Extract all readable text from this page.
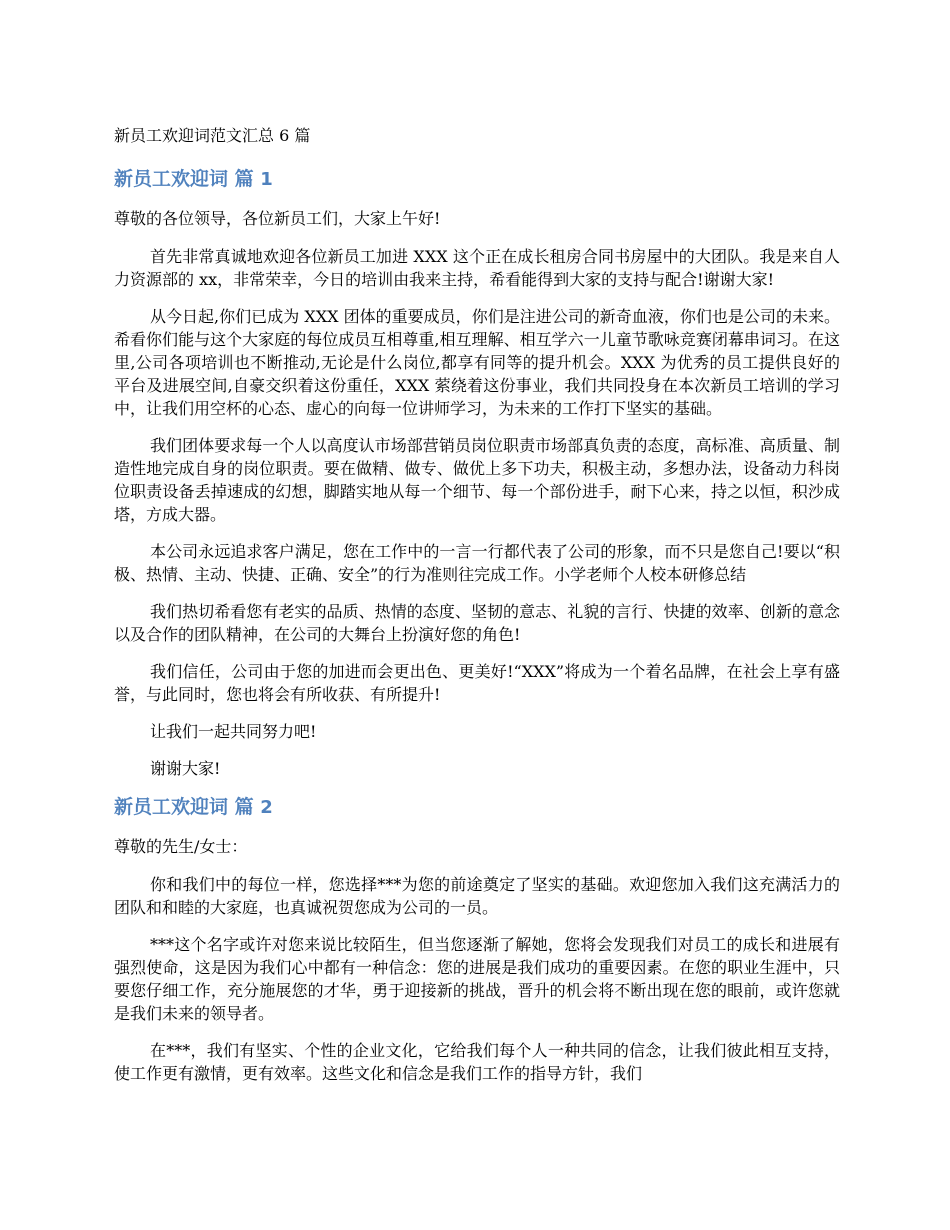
新员工欢迎词范文汇总 6 篇
新员工欢迎词 篇 1
尊敬的各位领导，各位新员工们，大家上午好!

首先非常真诚地欢迎各位新员工加进 XXX 这个正在成长租房合同书房屋中的大团队。我是来自人力资源部的 xx，非常荣幸，今日的培训由我来主持，希看能得到大家的支持与配合!谢谢大家!

从今日起,你们已成为 XXX 团体的重要成员，你们是注进公司的新奇血液，你们也是公司的未来。希看你们能与这个大家庭的每位成员互相尊重,相互理解、相互学六一儿童节歌咏竞赛闭幕串词习。在这里,公司各项培训也不断推动,无论是什么岗位,都享有同等的提升机会。XXX 为优秀的员工提供良好的平台及进展空间,自豪交织着这份重任，XXX 萦绕着这份事业，我们共同投身在本次新员工培训的学习中，让我们用空杯的心态、虚心的向每一位讲师学习，为未来的工作打下坚实的基础。

我们团体要求每一个人以高度认市场部营销员岗位职责市场部真负责的态度，高标准、高质量、制造性地完成自身的岗位职责。要在做精、做专、做优上多下功夫，积极主动，多想办法，设备动力科岗位职责设备丢掉速成的幻想，脚踏实地从每一个细节、每一个部份进手，耐下心来，持之以恒，积沙成塔，方成大器。

本公司永远追求客户满足，您在工作中的一言一行都代表了公司的形象，而不只是您自己!要以“积极、热情、主动、快捷、正确、安全”的行为准则往完成工作。小学老师个人校本研修总结

我们热切希看您有老实的品质、热情的态度、坚韧的意志、礼貌的言行、快捷的效率、创新的意念以及合作的团队精神，在公司的大舞台上扮演好您的角色!

我们信任，公司由于您的加进而会更出色、更美好!“XXX”将成为一个着名品牌，在社会上享有盛誉，与此同时，您也将会有所收获、有所提升!

让我们一起共同努力吧!

谢谢大家!

新员工欢迎词 篇 2
尊敬的先生/女士：

你和我们中的每位一样，您选择***为您的前途奠定了坚实的基础。欢迎您加入我们这充满活力的团队和和睦的大家庭，也真诚祝贺您成为公司的一员。

***这个名字或许对您来说比较陌生，但当您逐渐了解她，您将会发现我们对员工的成长和进展有强烈使命，这是因为我们心中都有一种信念：您的进展是我们成功的重要因素。在您的职业生涯中，只要您仔细工作，充分施展您的才华，勇于迎接新的挑战，晋升的机会将不断出现在您的眼前，或许您就是我们未来的领导者。

在***，我们有坚实、个性的企业文化，它给我们每个人一种共同的信念，让我们彼此相互支持，使工作更有激情，更有效率。这些文化和信念是我们工作的指导方针，我们
